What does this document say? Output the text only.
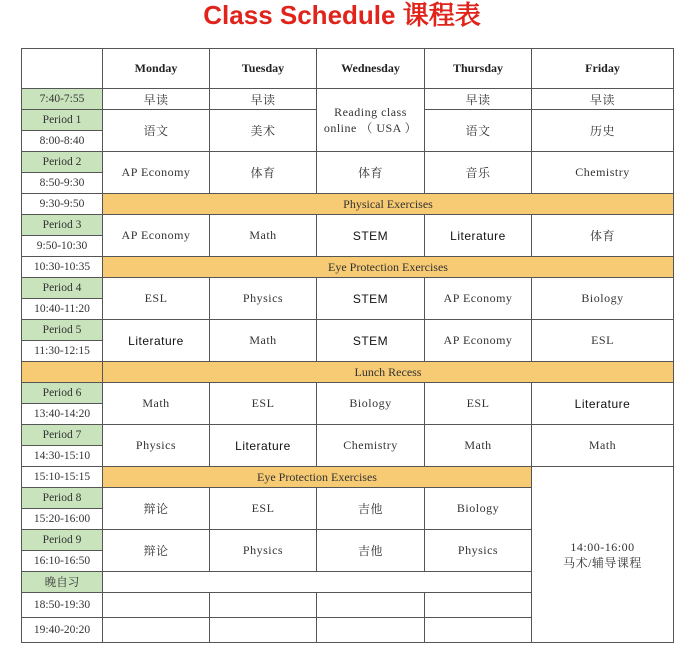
Class Schedule 课程表
	Monday	Tuesday	Wednesday	Thursday	Friday
7:40-7:55	早读	早读	Reading class online （ USA ）	早读	早读
Period 1	语文	美术		语文	历史
8:00-8:40					
Period 2	AP Economy	体育	体育	音乐	Chemistry
8:50-9:30					
9:30-9:50	Physical Exercises				
Period 3	AP Economy	Math	STEM	Literature	体育
9:50-10:30					
10:30-10:35	Eye Protection Exercises				
Period 4	ESL	Physics	STEM	AP Economy	Biology
10:40-11:20					
Period 5	Literature	Math	STEM	AP Economy	ESL
11:30-12:15					
	Lunch Recess				
Period 6	Math	ESL	Biology	ESL	Literature
13:40-14:20					
Period 7	Physics	Literature	Chemistry	Math	Math
14:30-15:10					
15:10-15:15	Eye Protection Exercises				14:00-16:00
马术/辅导课程

Period 8	辩论	ESL	吉他	Biology	
15:20-16:00					
Period 9	辩论	Physics	吉他	Physics	
16:10-16:50					
晚自习					
18:50-19:30					
19:40-20:20					
